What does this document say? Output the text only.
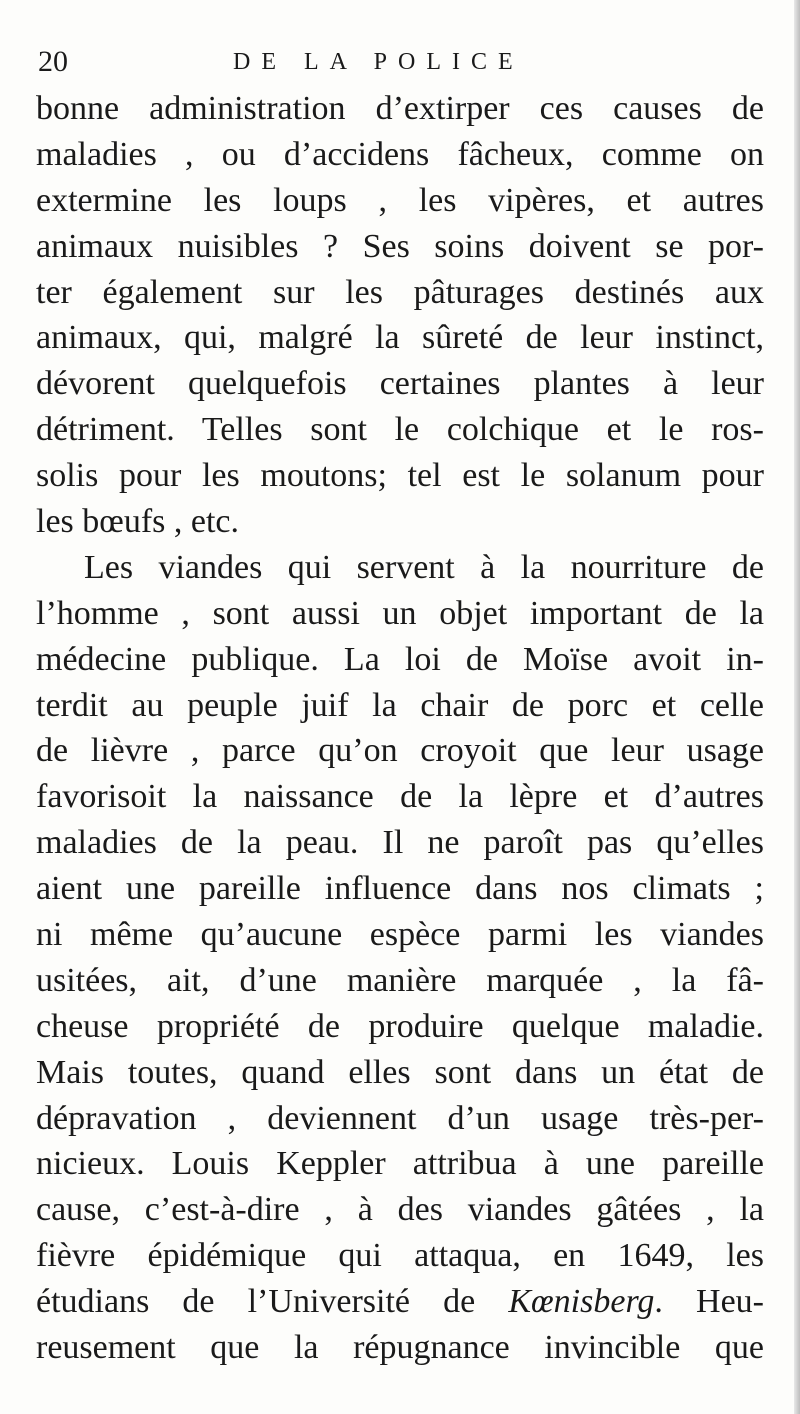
20	DE LA POLICE
bonne administration d’extirper ces causes de
maladies , ou d’accidens fâcheux, comme on
extermine les loups , les vipères, et autres
animaux nuisibles ? Ses soins doivent se por-
ter également sur les pâturages destinés aux
animaux, qui, malgré la sûreté de leur instinct,
dévorent quelquefois certaines plantes à leur
détriment. Telles sont le colchique et le ros-
solis pour les moutons; tel est le solanum pour
les bœufs , etc.
Les viandes qui servent à la nourriture de
l’homme , sont aussi un objet important de la
médecine publique. La loi de Moïse avoit in-
terdit au peuple juif la chair de porc et celle
de lièvre , parce qu’on croyoit que leur usage
favorisoit la naissance de la lèpre et d’autres
maladies de la peau. Il ne paroît pas qu’elles
aient une pareille influence dans nos climats ;
ni même qu’aucune espèce parmi les viandes
usitées, ait, d’une manière marquée , la fâ-
cheuse propriété de produire quelque maladie.
Mais toutes, quand elles sont dans un état de
dépravation , deviennent d’un usage très-per-
nicieux. Louis Keppler attribua à une pareille
cause, c’est-à-dire , à des viandes gâtées , la
fièvre épidémique qui attaqua, en 1649, les
étudians de l’Université de Kœnisberg. Heu-
reusement que la répugnance invincible que
